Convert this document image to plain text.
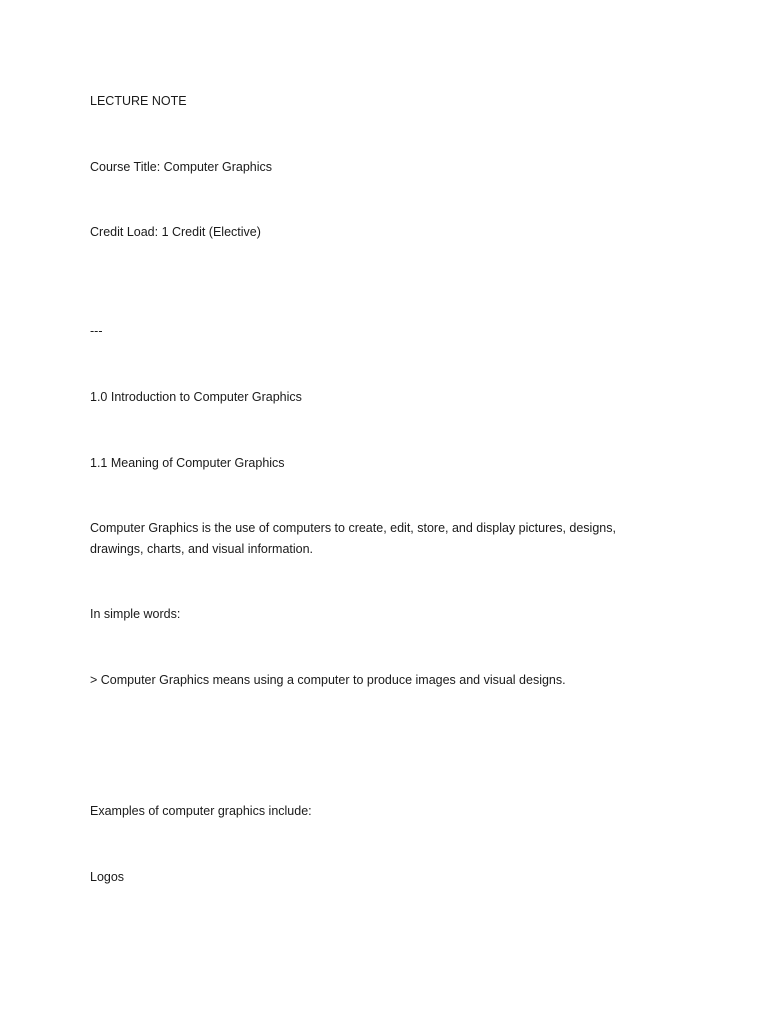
LECTURE NOTE

Course Title: Computer Graphics

Credit Load: 1 Credit (Elective)

---

1.0 Introduction to Computer Graphics

1.1 Meaning of Computer Graphics

Computer Graphics is the use of computers to create, edit, store, and display pictures, designs, drawings, charts, and visual information.

In simple words:

> Computer Graphics means using a computer to produce images and visual designs.

Examples of computer graphics include:

Logos
